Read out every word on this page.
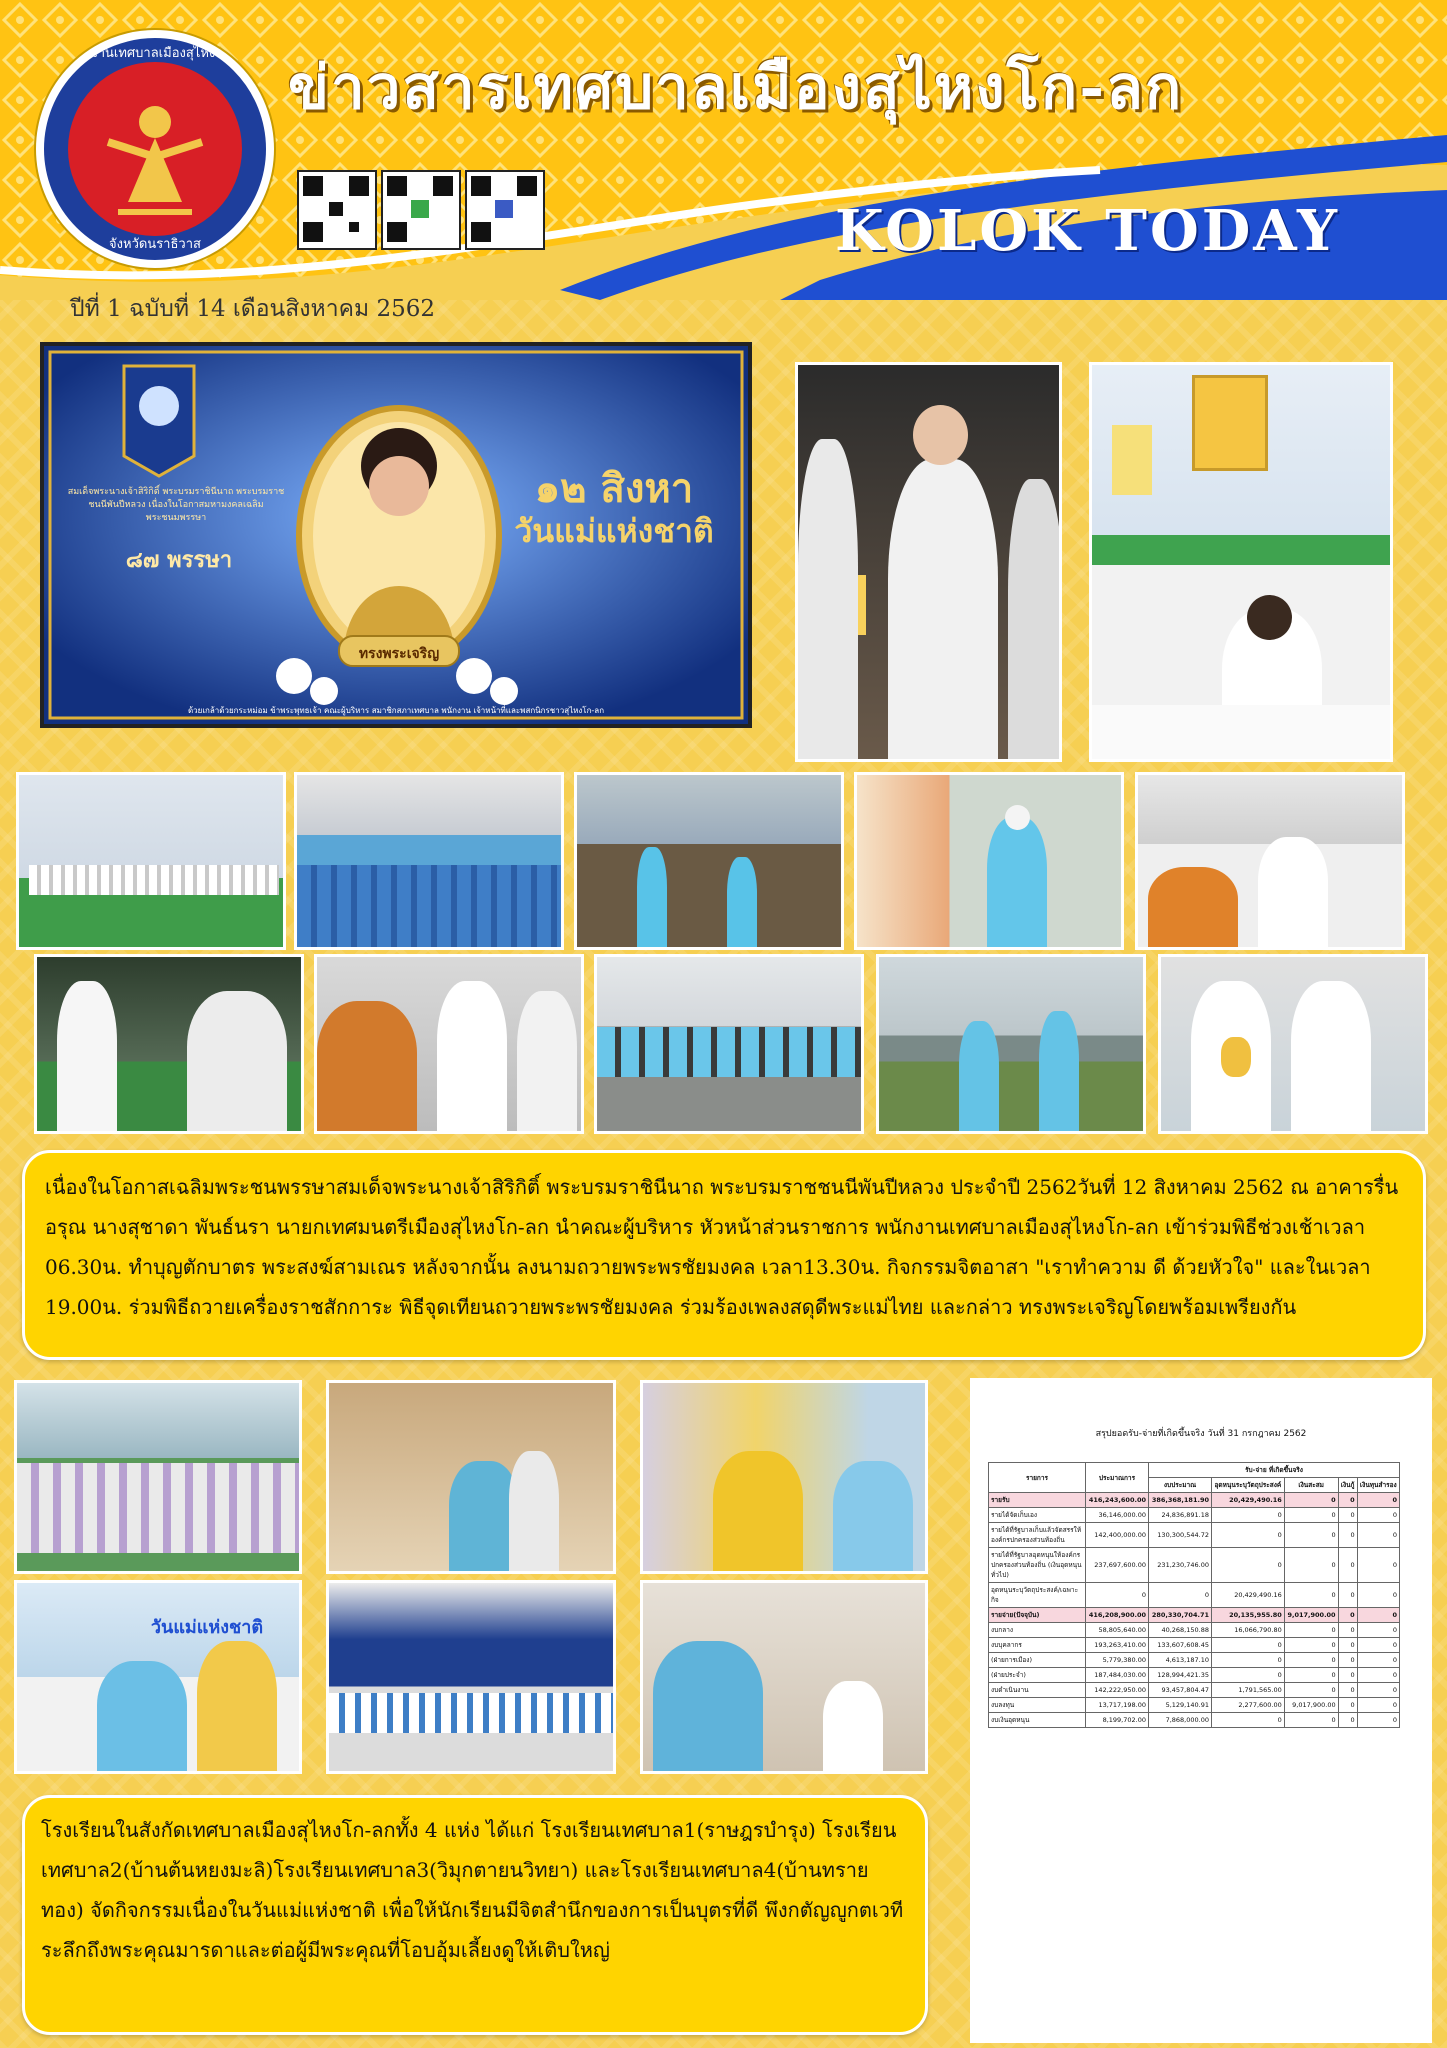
สำนักงานเทศบาลเมืองสุไหงโก-ลก
จังหวัดนราธิวาส
ข่าวสารเทศบาลเมืองสุไหงโก-ลก
KOLOK TODAY
ปีที่ 1 ฉบับที่ 14 เดือนสิงหาคม 2562
๑๒ สิงหา
วันแม่แห่งชาติ
ทรงพระเจริญ
สมเด็จพระนางเจ้าสิริกิติ์ พระบรมราชินีนาถ พระบรมราชชนนีพันปีหลวง เนื่องในโอกาสมหามงคลเฉลิมพระชนมพรรษา
๘๗ พรรษา
ด้วยเกล้าด้วยกระหม่อม ข้าพระพุทธเจ้า คณะผู้บริหาร สมาชิกสภาเทศบาล พนักงาน เจ้าหน้าที่และพสกนิกรชาวสุไหงโก-ลก

เนื่องในโอกาสเฉลิมพระชนพรรษาสมเด็จพระนางเจ้าสิริกิติ์ พระบรมราชินีนาถ พระบรมราชชนนีพันปีหลวง ประจำปี 2562วันที่ 12 สิงหาคม 2562 ณ อาคารรื่นอรุณ นางสุชาดา พันธ์นรา นายกเทศมนตรีเมืองสุไหงโก-ลก นำคณะผู้บริหาร หัวหน้าส่วนราชการ พนักงานเทศบาลเมืองสุไหงโก-ลก เข้าร่วมพิธีช่วงเช้าเวลา 06.30น. ทำบุญตักบาตร พระสงฆ์สามเณร หลังจากนั้น ลงนามถวายพระพรชัยมงคล เวลา13.30น. กิจกรรมจิตอาสา "เราทำความ ดี ด้วยหัวใจ" และในเวลา 19.00น. ร่วมพิธีถวายเครื่องราชสักการะ พิธีจุดเทียนถวายพระพรชัยมงคล ร่วมร้องเพลงสดุดีพระแม่ไทย และกล่าว ทรงพระเจริญโดยพร้อมเพรียงกัน

วันแม่แห่งชาติ

โรงเรียนในสังกัดเทศบาลเมืองสุไหงโก-ลกทั้ง 4 แห่ง ได้แก่ โรงเรียนเทศบาล1(ราษฎรบำรุง) โรงเรียนเทศบาล2(บ้านต้นหยงมะลิ)โรงเรียนเทศบาล3(วิมุกตายนวิทยา) และโรงเรียนเทศบาล4(บ้านทรายทอง) จัดกิจกรรมเนื่องในวันแม่แห่งชาติ เพื่อให้นักเรียนมีจิตสำนึกของการเป็นบุตรที่ดี พึงกตัญญูกตเวที ระลึกถึงพระคุณมารดาและต่อผู้มีพระคุณที่โอบอุ้มเลี้ยงดูให้เติบใหญ่

สรุปยอดรับ-จ่ายที่เกิดขึ้นจริง วันที่ 31 กรกฎาคม 2562
รายการ	ประมาณการ	รับ-จ่าย ที่เกิดขึ้นจริง				
		งบประมาณ	อุดหนุนระบุวัตถุประสงค์	เงินสะสม	เงินกู้	เงินทุนสำรอง
รายรับ	416,243,600.00	386,368,181.90	20,429,490.16	0	0	0
รายได้จัดเก็บเอง	36,146,000.00	24,836,891.18	0	0	0	0
รายได้ที่รัฐบาลเก็บแล้วจัดสรรให้องค์กรปกครองส่วนท้องถิ่น	142,400,000.00	130,300,544.72	0	0	0	0
รายได้ที่รัฐบาลอุดหนุนให้องค์กรปกครองส่วนท้องถิ่น (เงินอุดหนุนทั่วไป)	237,697,600.00	231,230,746.00	0	0	0	0
อุดหนุนระบุวัตถุประสงค์/เฉพาะกิจ	0	0	20,429,490.16	0	0	0
รายจ่าย(ปัจจุบัน)	416,208,900.00	280,330,704.71	20,135,955.80	9,017,900.00	0	0
งบกลาง	58,805,640.00	40,268,150.88	16,066,790.80	0	0	0
งบบุคลากร	193,263,410.00	133,607,608.45	0	0	0	0
(ฝ่ายการเมือง)	5,779,380.00	4,613,187.10	0	0	0	0
(ฝ่ายประจำ)	187,484,030.00	128,994,421.35	0	0	0	0
งบดำเนินงาน	142,222,950.00	93,457,804.47	1,791,565.00	0	0	0
งบลงทุน	13,717,198.00	5,129,140.91	2,277,600.00	9,017,900.00	0	0
งบเงินอุดหนุน	8,199,702.00	7,868,000.00	0	0	0	0
